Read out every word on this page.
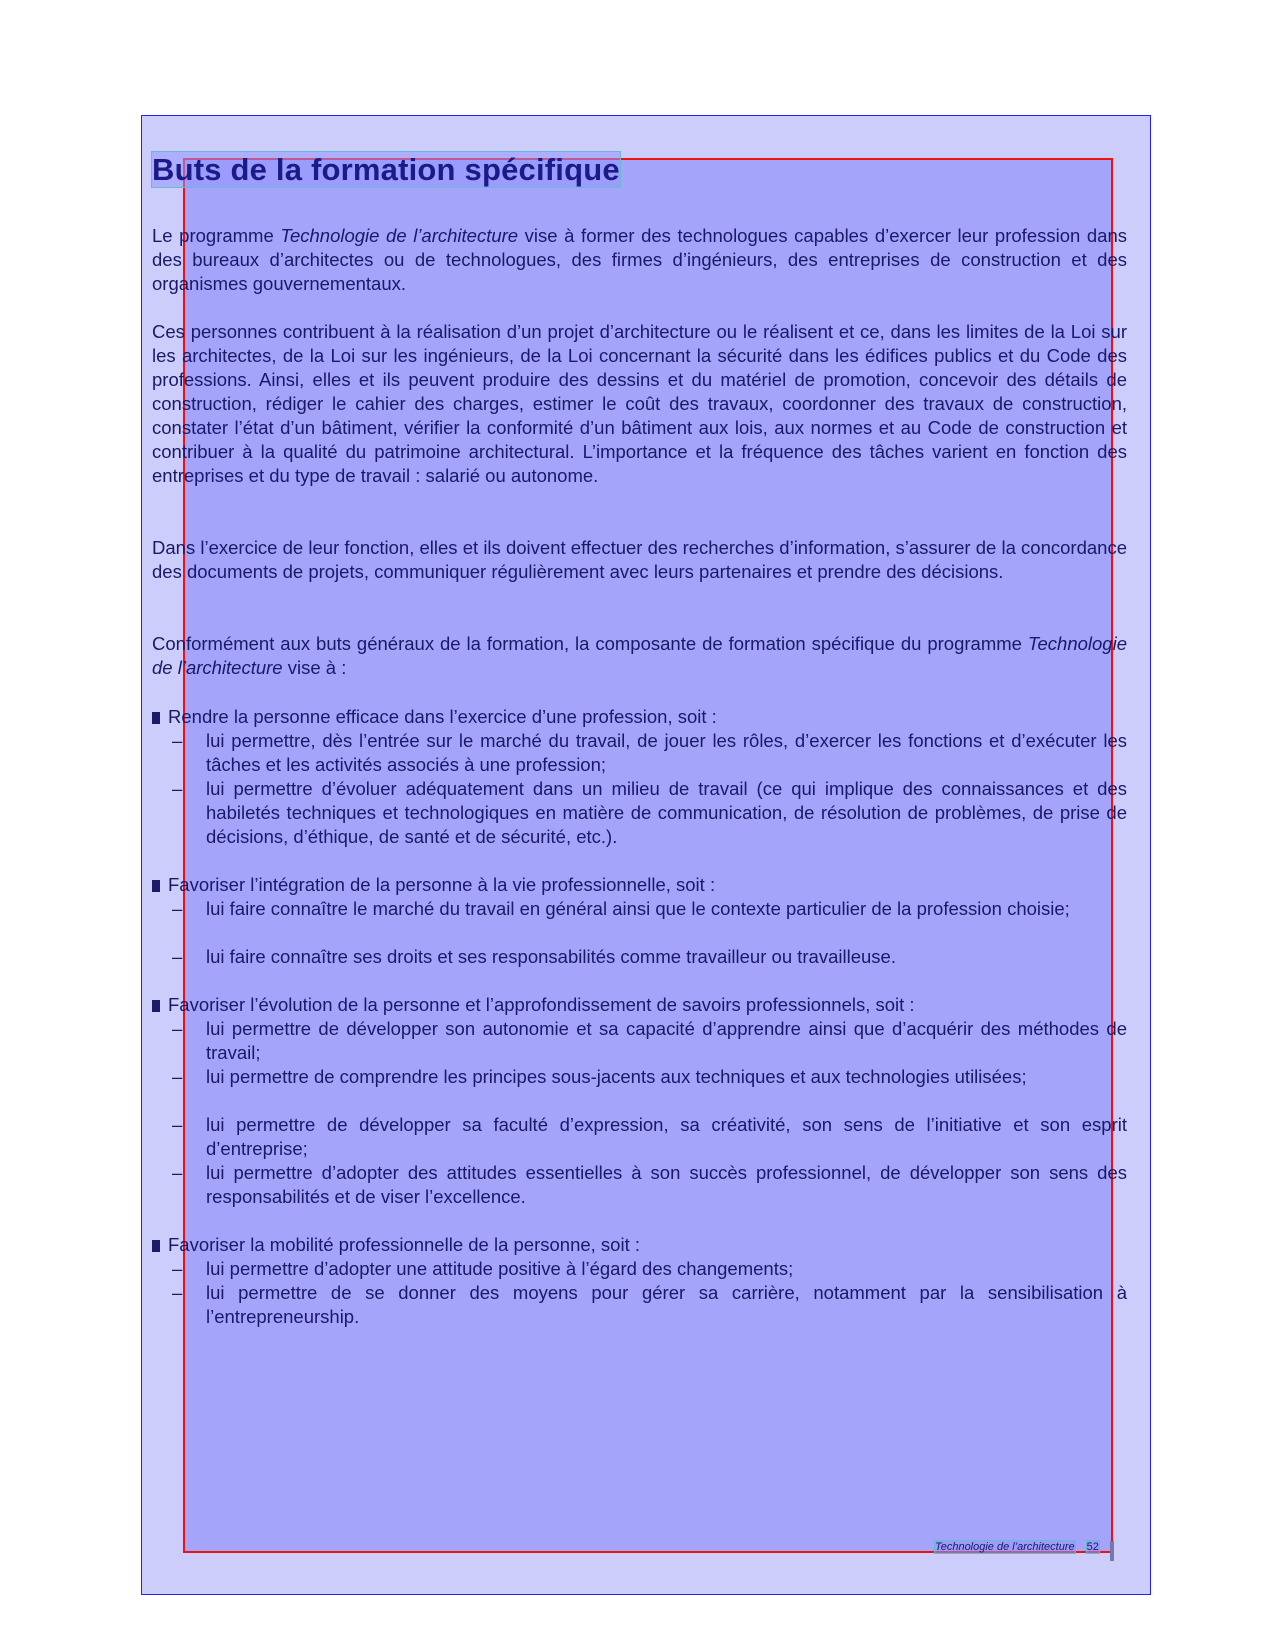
Buts de la formation spécifique

Le programme Technologie de l’architecture vise à former des technologues capables d’exercer leur profession dans des bureaux d’architectes ou de technologues, des firmes d’ingénieurs, des entreprises de construction et des organismes gouvernementaux.

Ces personnes contribuent à la réalisation d’un projet d’architecture ou le réalisent et ce, dans les limites de la Loi sur les architectes, de la Loi sur les ingénieurs, de la Loi concernant la sécurité dans les édifices publics et du Code des professions. Ainsi, elles et ils peuvent produire des dessins et du matériel de promotion, concevoir des détails de construction, rédiger le cahier des charges, estimer le coût des travaux, coordonner des travaux de construction, constater l’état d’un bâtiment, vérifier la conformité d’un bâtiment aux lois, aux normes et au Code de construction et contribuer à la qualité du patrimoine architectural. L’importance et la fréquence des tâches varient en fonction des entreprises et du type de travail : salarié ou autonome.

Dans l’exercice de leur fonction, elles et ils doivent effectuer des recherches d’information, s’assurer de la concordance des documents de projets, communiquer régulièrement avec leurs partenaires et prendre des décisions.

Conformément aux buts généraux de la formation, la composante de formation spécifique du programme Technologie de l’architecture vise à :

Rendre la personne efficace dans l’exercice d’une profession, soit :
–	lui permettre, dès l’entrée sur le marché du travail, de jouer les rôles, d’exercer les fonctions et d’exécuter les tâches et les activités associés à une profession;
–	lui permettre d’évoluer adéquatement dans un milieu de travail (ce qui implique des connaissances et des habiletés techniques et technologiques en matière de communication, de résolution de problèmes, de prise de décisions, d’éthique, de santé et de sécurité, etc.).
Favoriser l’intégration de la personne à la vie professionnelle, soit :
–	lui faire connaître le marché du travail en général ainsi que le contexte particulier de la profession choisie;
–	lui faire connaître ses droits et ses responsabilités comme travailleur ou travailleuse.
Favoriser l’évolution de la personne et l’approfondissement de savoirs professionnels, soit :
–	lui permettre de développer son autonomie et sa capacité d’apprendre ainsi que d’acquérir des méthodes de travail;
–	lui permettre de comprendre les principes sous-jacents aux techniques et aux technologies utilisées;
–	lui permettre de développer sa faculté d’expression, sa créativité, son sens de l’initiative et son esprit d’entreprise;
–	lui permettre d’adopter des attitudes essentielles à son succès professionnel, de développer son sens des responsabilités et de viser l’excellence.
Favoriser la mobilité professionnelle de la personne, soit :
–	lui permettre d’adopter une attitude positive à l’égard des changements;
–	lui permettre de se donner des moyens pour gérer sa carrière, notamment par la sensibilisation à l’entrepreneurship.
Technologie de l’architecture 52
